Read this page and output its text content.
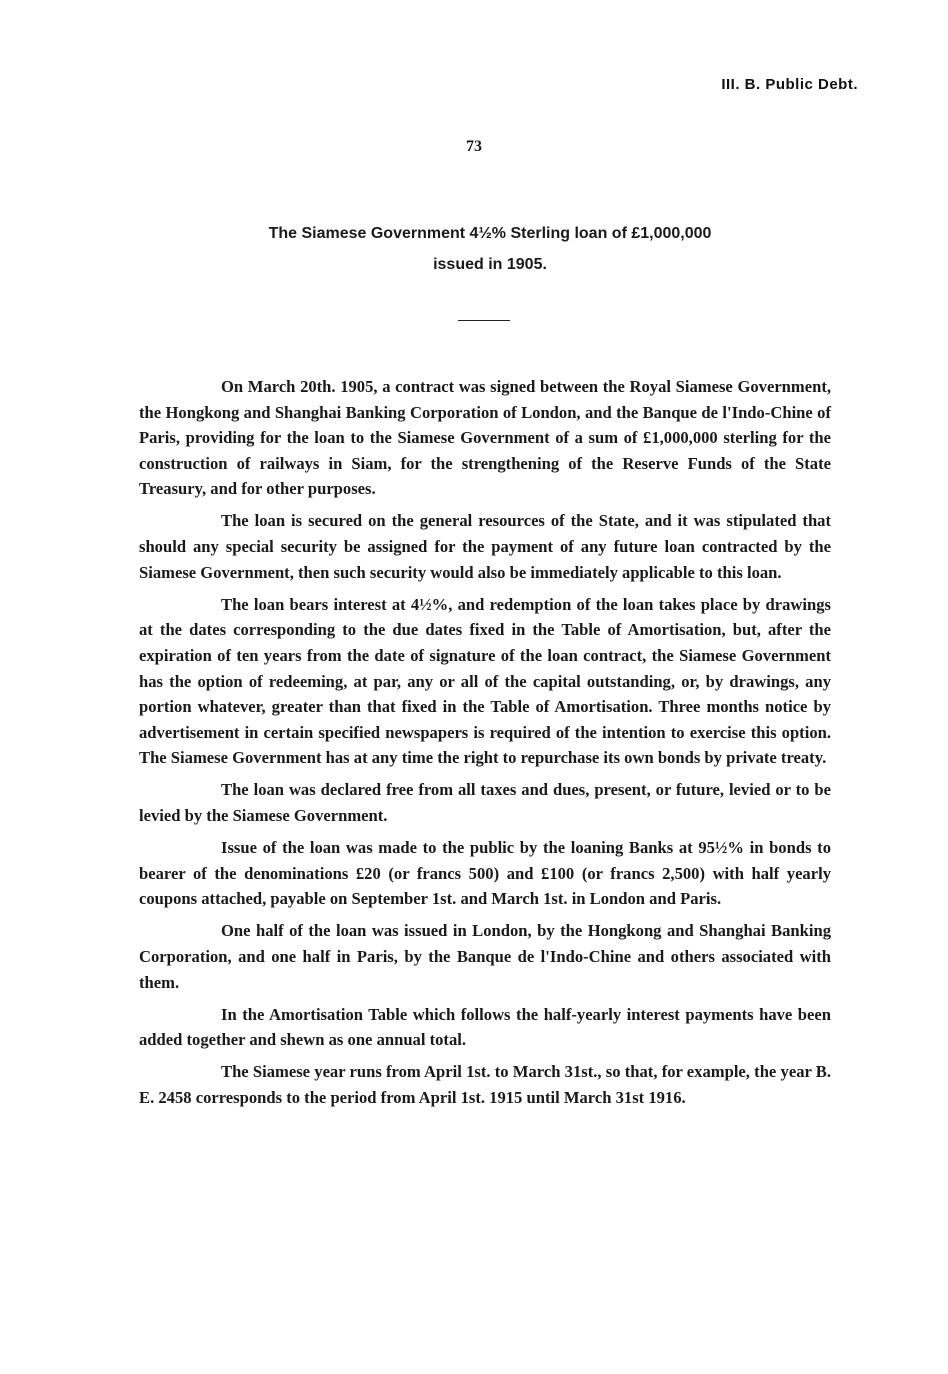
III. B. Public Debt.
73
The Siamese Government 4½% Sterling loan of £1,000,000
issued in 1905.

On March 20th. 1905, a contract was signed between the Royal Siamese Government, the Hongkong and Shanghai Banking Corporation of London, and the Banque de l'Indo-Chine of Paris, providing for the loan to the Siamese Government of a sum of £1,000,000 sterling for the construction of railways in Siam, for the strengthening of the Reserve Funds of the State Treasury, and for other purposes.

The loan is secured on the general resources of the State, and it was stipulated that should any special security be assigned for the payment of any future loan contracted by the Siamese Government, then such security would also be immediately applicable to this loan.

The loan bears interest at 4½%, and redemption of the loan takes place by drawings at the dates corresponding to the due dates fixed in the Table of Amortisation, but, after the expiration of ten years from the date of signature of the loan contract, the Siamese Government has the option of redeeming, at par, any or all of the capital outstanding, or, by drawings, any portion whatever, greater than that fixed in the Table of Amortisation. Three months notice by advertisement in certain specified newspapers is required of the intention to exercise this option. The Siamese Government has at any time the right to repurchase its own bonds by private treaty.

The loan was declared free from all taxes and dues, present, or future, levied or to be levied by the Siamese Government.

Issue of the loan was made to the public by the loaning Banks at 95½% in bonds to bearer of the denominations £20 (or francs 500) and £100 (or francs 2,500) with half yearly coupons attached, payable on September 1st. and March 1st. in London and Paris.

One half of the loan was issued in London, by the Hongkong and Shanghai Banking Corporation, and one half in Paris, by the Banque de l'Indo-Chine and others associated with them.

In the Amortisation Table which follows the half-yearly interest payments have been added together and shewn as one annual total.

The Siamese year runs from April 1st. to March 31st., so that, for example, the year B. E. 2458 corresponds to the period from April 1st. 1915 until March 31st 1916.
